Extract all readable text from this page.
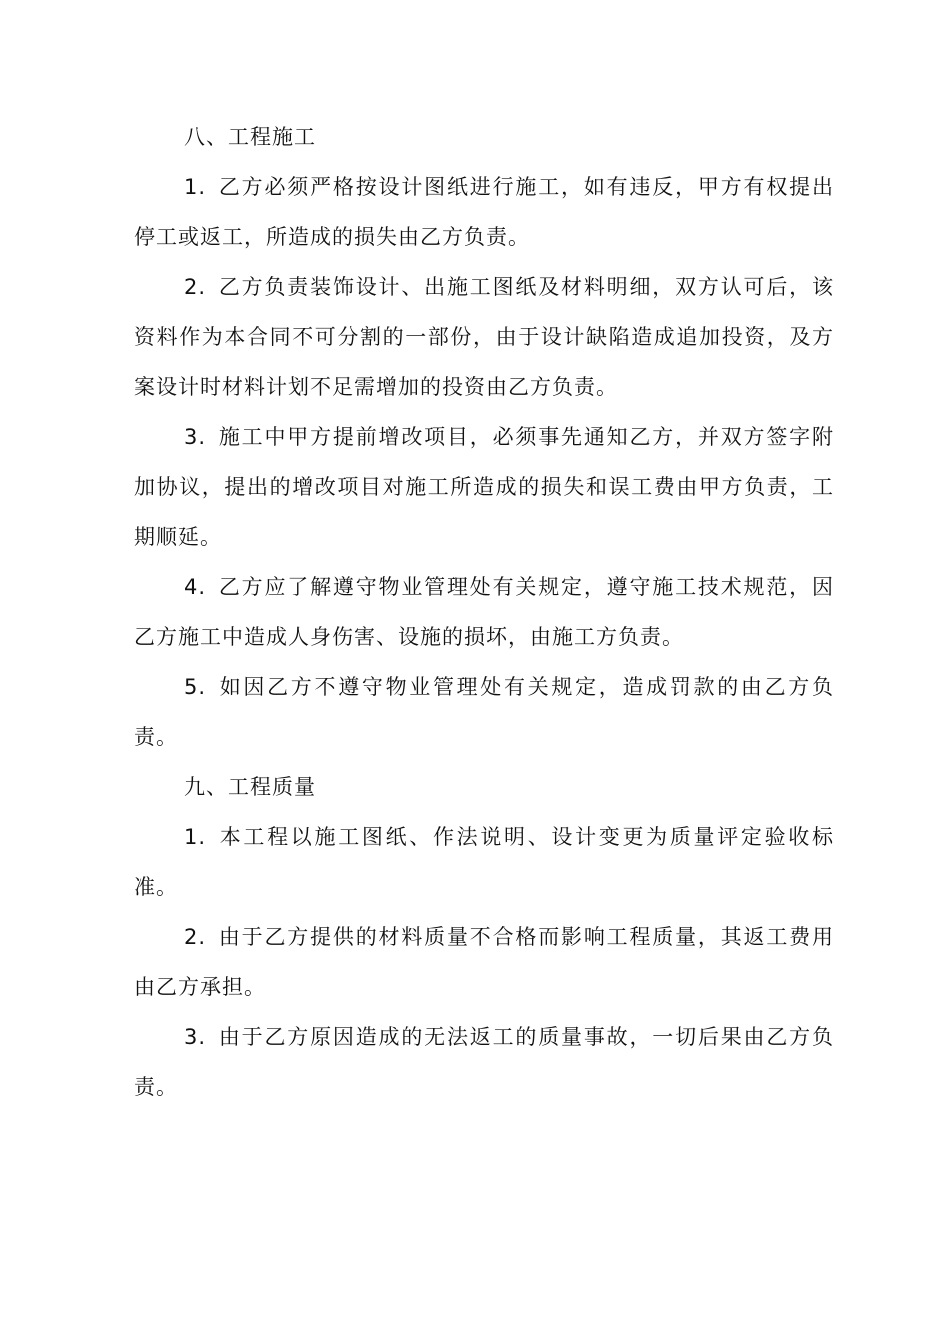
八、工程施工

1. 乙方必须严格按设计图纸进行施工，如有违反，甲方有权提出停工或返工，所造成的损失由乙方负责。

2. 乙方负责装饰设计、出施工图纸及材料明细，双方认可后，该资料作为本合同不可分割的一部份，由于设计缺陷造成追加投资，及方案设计时材料计划不足需增加的投资由乙方负责。

3. 施工中甲方提前增改项目，必须事先通知乙方，并双方签字附加协议，提出的增改项目对施工所造成的损失和误工费由甲方负责，工期顺延。

4. 乙方应了解遵守物业管理处有关规定，遵守施工技术规范，因乙方施工中造成人身伤害、设施的损坏，由施工方负责。

5. 如因乙方不遵守物业管理处有关规定，造成罚款的由乙方负责。

九、工程质量

1. 本工程以施工图纸、作法说明、设计变更为质量评定验收标准。

2. 由于乙方提供的材料质量不合格而影响工程质量，其返工费用由乙方承担。

3. 由于乙方原因造成的无法返工的质量事故，一切后果由乙方负责。
